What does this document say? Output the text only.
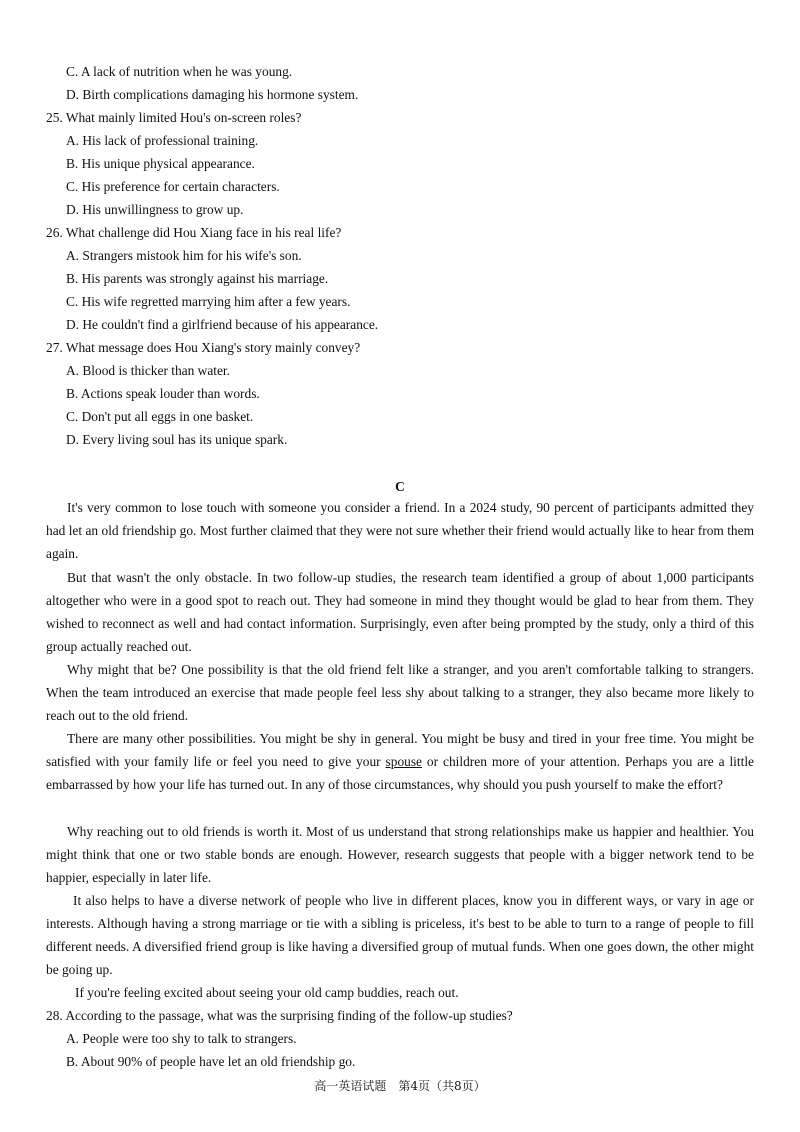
C. A lack of nutrition when he was young.
D. Birth complications damaging his hormone system.
25. What mainly limited Hou's on-screen roles?
A. His lack of professional training.
B. His unique physical appearance.
C. His preference for certain characters.
D. His unwillingness to grow up.
26. What challenge did Hou Xiang face in his real life?
A. Strangers mistook him for his wife's son.
B. His parents was strongly against his marriage.
C. His wife regretted marrying him after a few years.
D. He couldn't find a girlfriend because of his appearance.
27. What message does Hou Xiang's story mainly convey?
A. Blood is thicker than water.
B. Actions speak louder than words.
C. Don't put all eggs in one basket.
D. Every living soul has its unique spark.
C
It's very common to lose touch with someone you consider a friend. In a 2024 study, 90 percent of participants admitted they had let an old friendship go. Most further claimed that they were not sure whether their friend would actually like to hear from them again.
But that wasn't the only obstacle. In two follow-up studies, the research team identified a group of about 1,000 participants altogether who were in a good spot to reach out. They had someone in mind they thought would be glad to hear from them. They wished to reconnect as well and had contact information. Surprisingly, even after being prompted by the study, only a third of this group actually reached out.
Why might that be? One possibility is that the old friend felt like a stranger, and you aren't comfortable talking to strangers. When the team introduced an exercise that made people feel less shy about talking to a stranger, they also became more likely to reach out to the old friend.
There are many other possibilities. You might be shy in general. You might be busy and tired in your free time. You might be satisfied with your family life or feel you need to give your spouse or children more of your attention. Perhaps you are a little embarrassed by how your life has turned out. In any of those circumstances, why should you push yourself to make the effort?
Why reaching out to old friends is worth it. Most of us understand that strong relationships make us happier and healthier. You might think that one or two stable bonds are enough. However, research suggests that people with a bigger network tend to be happier, especially in later life.
It also helps to have a diverse network of people who live in different places, know you in different ways, or vary in age or interests. Although having a strong marriage or tie with a sibling is priceless, it's best to be able to turn to a range of people to fill different needs. A diversified friend group is like having a diversified group of mutual funds. When one goes down, the other might be going up.
If you're feeling excited about seeing your old camp buddies, reach out.
28. According to the passage, what was the surprising finding of the follow-up studies?
A. People were too shy to talk to strangers.
B. About 90% of people have let an old friendship go.
高一英语试题　第4页（共8页）
